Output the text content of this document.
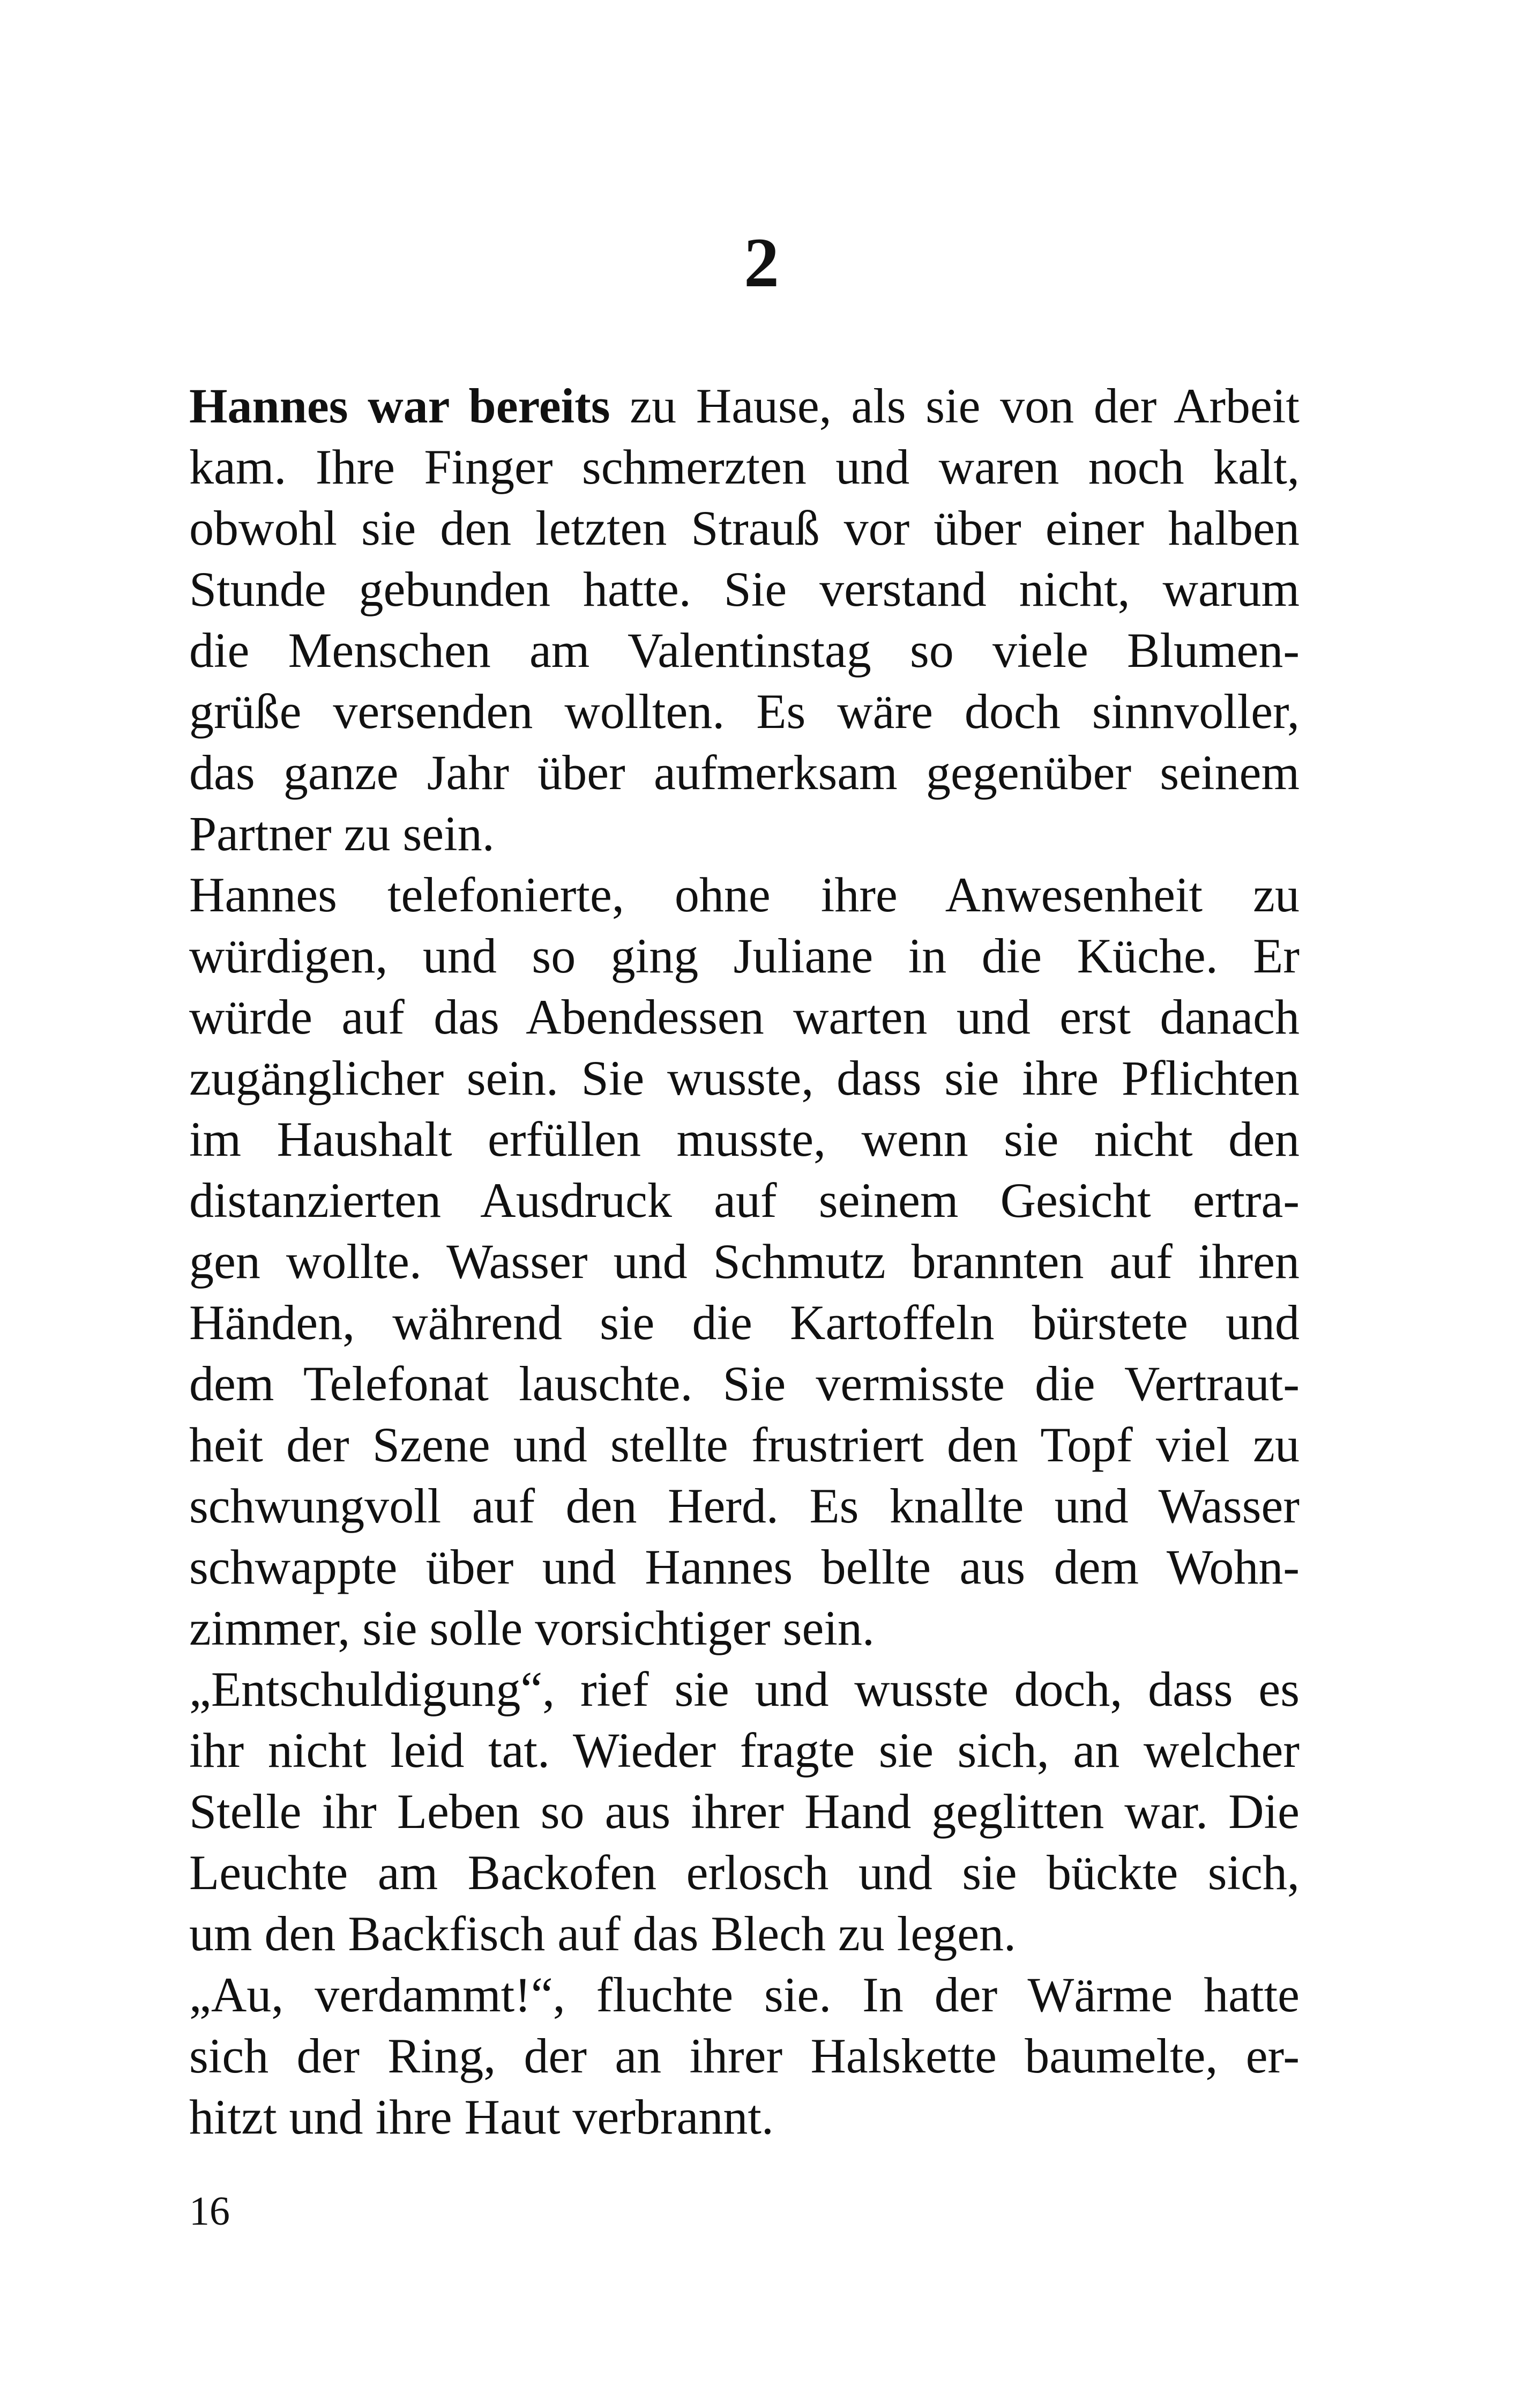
2
Hannes war bereits zu Hause, als sie von der Arbeit
kam. Ihre Finger schmerzten und waren noch kalt,
obwohl sie den letzten Strauß vor über einer halben
Stunde gebunden hatte. Sie verstand nicht, warum
die Menschen am Valentinstag so viele Blumen-
grüße versenden wollten. Es wäre doch sinnvoller,
das ganze Jahr über aufmerksam gegenüber seinem
Partner zu sein.
Hannes telefonierte, ohne ihre Anwesenheit zu
würdigen, und so ging Juliane in die Küche. Er
würde auf das Abendessen warten und erst danach
zugänglicher sein. Sie wusste, dass sie ihre Pflichten
im Haushalt erfüllen musste, wenn sie nicht den
distanzierten Ausdruck auf seinem Gesicht ertra-
gen wollte. Wasser und Schmutz brannten auf ihren
Händen, während sie die Kartoffeln bürstete und
dem Telefonat lauschte. Sie vermisste die Vertraut-
heit der Szene und stellte frustriert den Topf viel zu
schwungvoll auf den Herd. Es knallte und Wasser
schwappte über und Hannes bellte aus dem Wohn-
zimmer, sie solle vorsichtiger sein.
„Entschuldigung“, rief sie und wusste doch, dass es
ihr nicht leid tat. Wieder fragte sie sich, an welcher
Stelle ihr Leben so aus ihrer Hand geglitten war. Die
Leuchte am Backofen erlosch und sie bückte sich,
um den Backfisch auf das Blech zu legen.
„Au, verdammt!“, fluchte sie. In der Wärme hatte
sich der Ring, der an ihrer Halskette baumelte, er-
hitzt und ihre Haut verbrannt.
16
